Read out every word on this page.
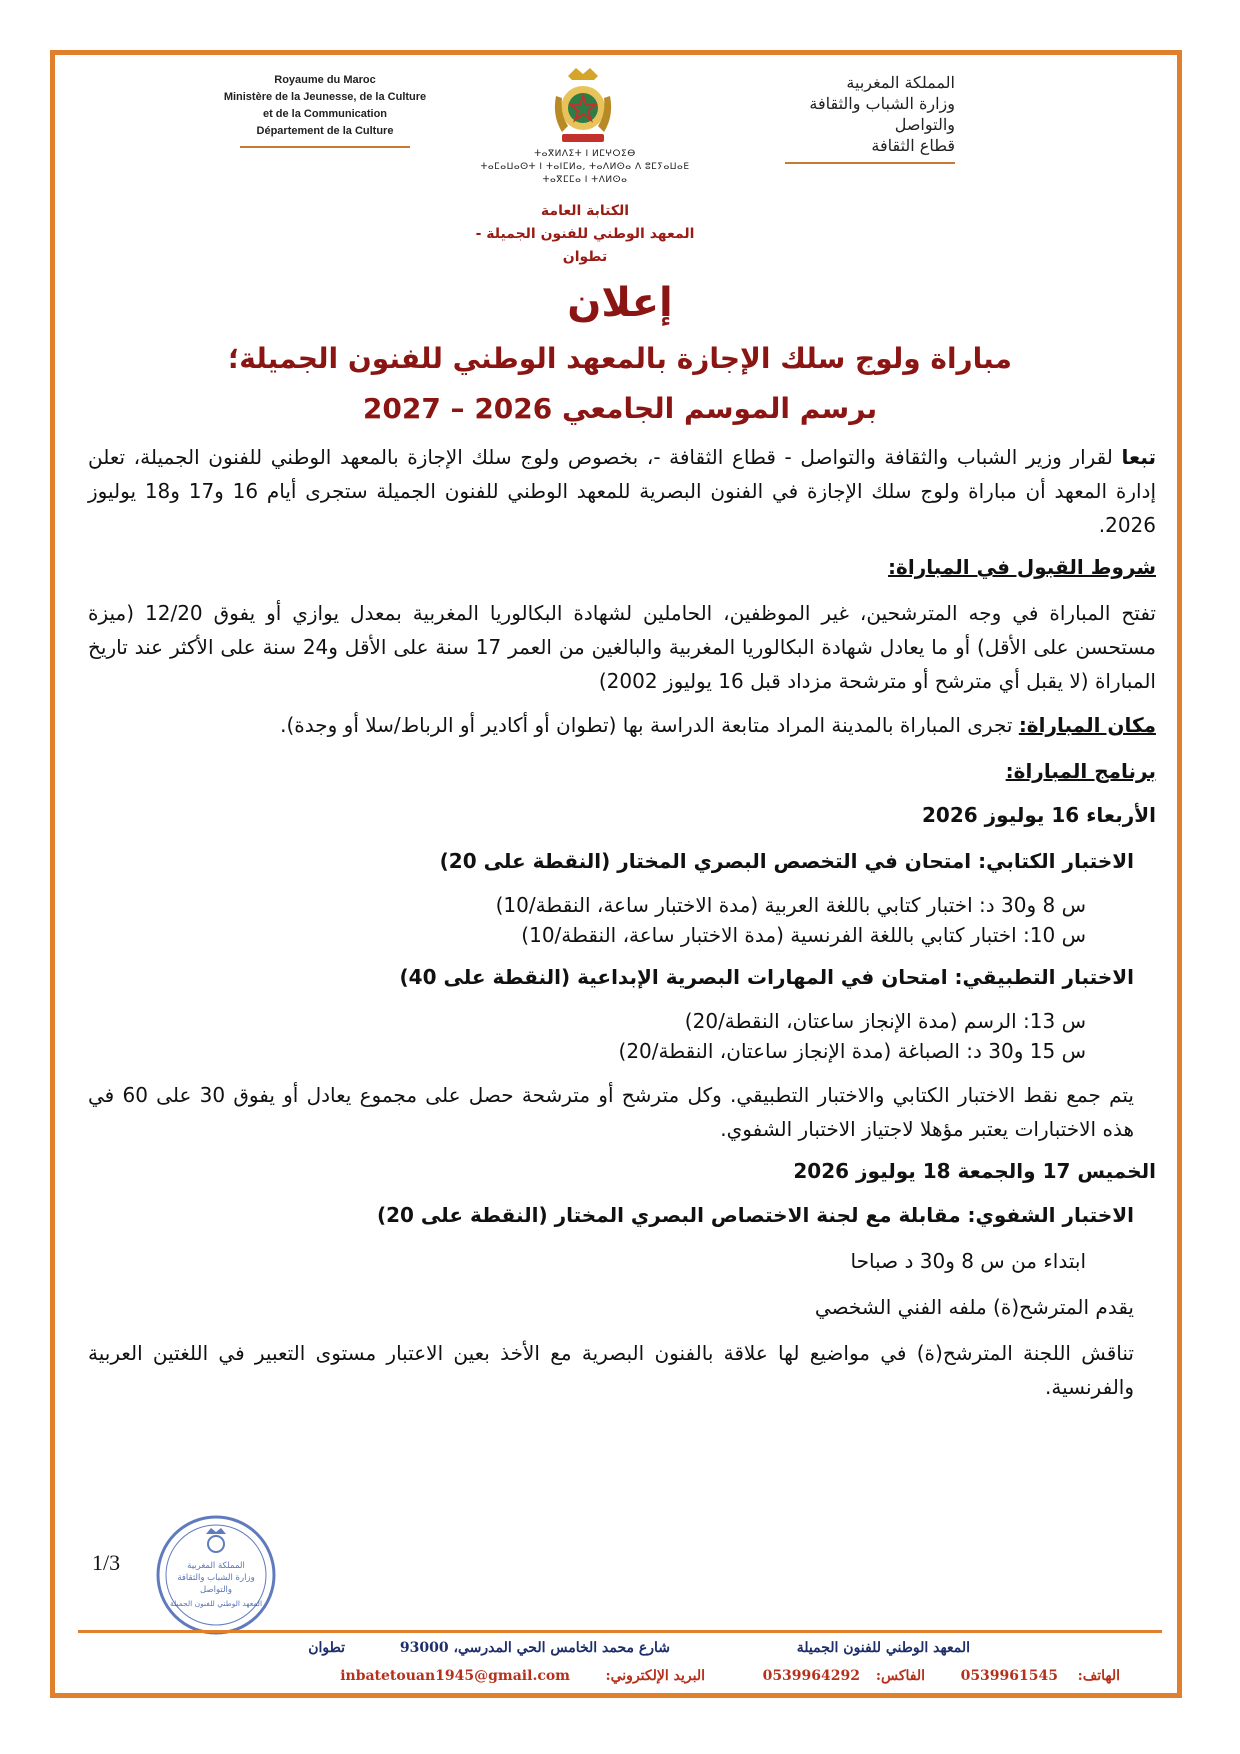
Royaume du Maroc
Ministère de la Jeunesse, de la Culture
et de la Communication
Département de la Culture
ⵜⴰⴳⵍⴷⵉⵜ ⵏ ⵍⵎⵖⵔⵉⴱ
ⵜⴰⵎⴰⵡⴰⵙⵜ ⵏ ⵜⴰⵏⵎⵍⴰ, ⵜⴰⴷⵍⵙⴰ ⴷ ⵓⵎⵢⴰⵡⴰⴹ
ⵜⴰⴳⵎⵎⴰ ⵏ ⵜⴷⵍⵙⴰ
الكتابة العامة
المعهد الوطني للفنون الجميلة - تطوان
المملكة المغربية
وزارة الشباب والثقافة
والتواصل
قطاع الثقافة
إعلان
مباراة ولوج سلك الإجازة بالمعهد الوطني للفنون الجميلة؛
برسم الموسم الجامعي 2026 – 2027

تبعا لقرار وزير الشباب والثقافة والتواصل - قطاع الثقافة -، بخصوص ولوج سلك الإجازة بالمعهد الوطني للفنون الجميلة، تعلن إدارة المعهد أن مباراة ولوج سلك الإجازة في الفنون البصرية للمعهد الوطني للفنون الجميلة ستجرى أيام 16 و17 و18 يوليوز 2026.

شروط القبول في المباراة:

تفتح المباراة في وجه المترشحين، غير الموظفين، الحاملين لشهادة البكالوريا المغربية بمعدل يوازي أو يفوق 12/20 (ميزة مستحسن على الأقل) أو ما يعادل شهادة البكالوريا المغربية والبالغين من العمر 17 سنة على الأقل و24 سنة على الأكثر عند تاريخ المباراة (لا يقبل أي مترشح أو مترشحة مزداد قبل 16 يوليوز 2002)

مكان المباراة: تجرى المباراة بالمدينة المراد متابعة الدراسة بها (تطوان أو أكادير أو الرباط/سلا أو وجدة).

برنامج المباراة:

الأربعاء 16 يوليوز 2026

الاختبار الكتابي: امتحان في التخصص البصري المختار (النقطة على 20)

س 8 و30 د: اختبار كتابي باللغة العربية (مدة الاختبار ساعة، النقطة/10)

س 10: اختبار كتابي باللغة الفرنسية (مدة الاختبار ساعة، النقطة/10)

الاختبار التطبيقي: امتحان في المهارات البصرية الإبداعية (النقطة على 40)

س 13: الرسم (مدة الإنجاز ساعتان، النقطة/20)

س 15 و30 د: الصباغة (مدة الإنجاز ساعتان، النقطة/20)

يتم جمع نقط الاختبار الكتابي والاختبار التطبيقي. وكل مترشح أو مترشحة حصل على مجموع يعادل أو يفوق 30 على 60 في هذه الاختبارات يعتبر مؤهلا لاجتياز الاختبار الشفوي.

الخميس 17 والجمعة 18 يوليوز 2026

الاختبار الشفوي: مقابلة مع لجنة الاختصاص البصري المختار (النقطة على 20)

ابتداء من س 8 و30 د صباحا

يقدم المترشح(ة) ملفه الفني الشخصي

تناقش اللجنة المترشح(ة) في مواضيع لها علاقة بالفنون البصرية مع الأخذ بعين الاعتبار مستوى التعبير في اللغتين العربية والفرنسية.

المملكة المغربية
وزارة الشباب والثقافة
والتواصل
المعهد الوطني للفنون الجميلة
1/3
المعهد الوطني للفنون الجميلة
شارع محمد الخامس الحي المدرسي، 93000
تطوان
الهاتف:
0539961545
الفاكس:
0539964292
البريد الإلكتروني:
inbatetouan1945@gmail.com
